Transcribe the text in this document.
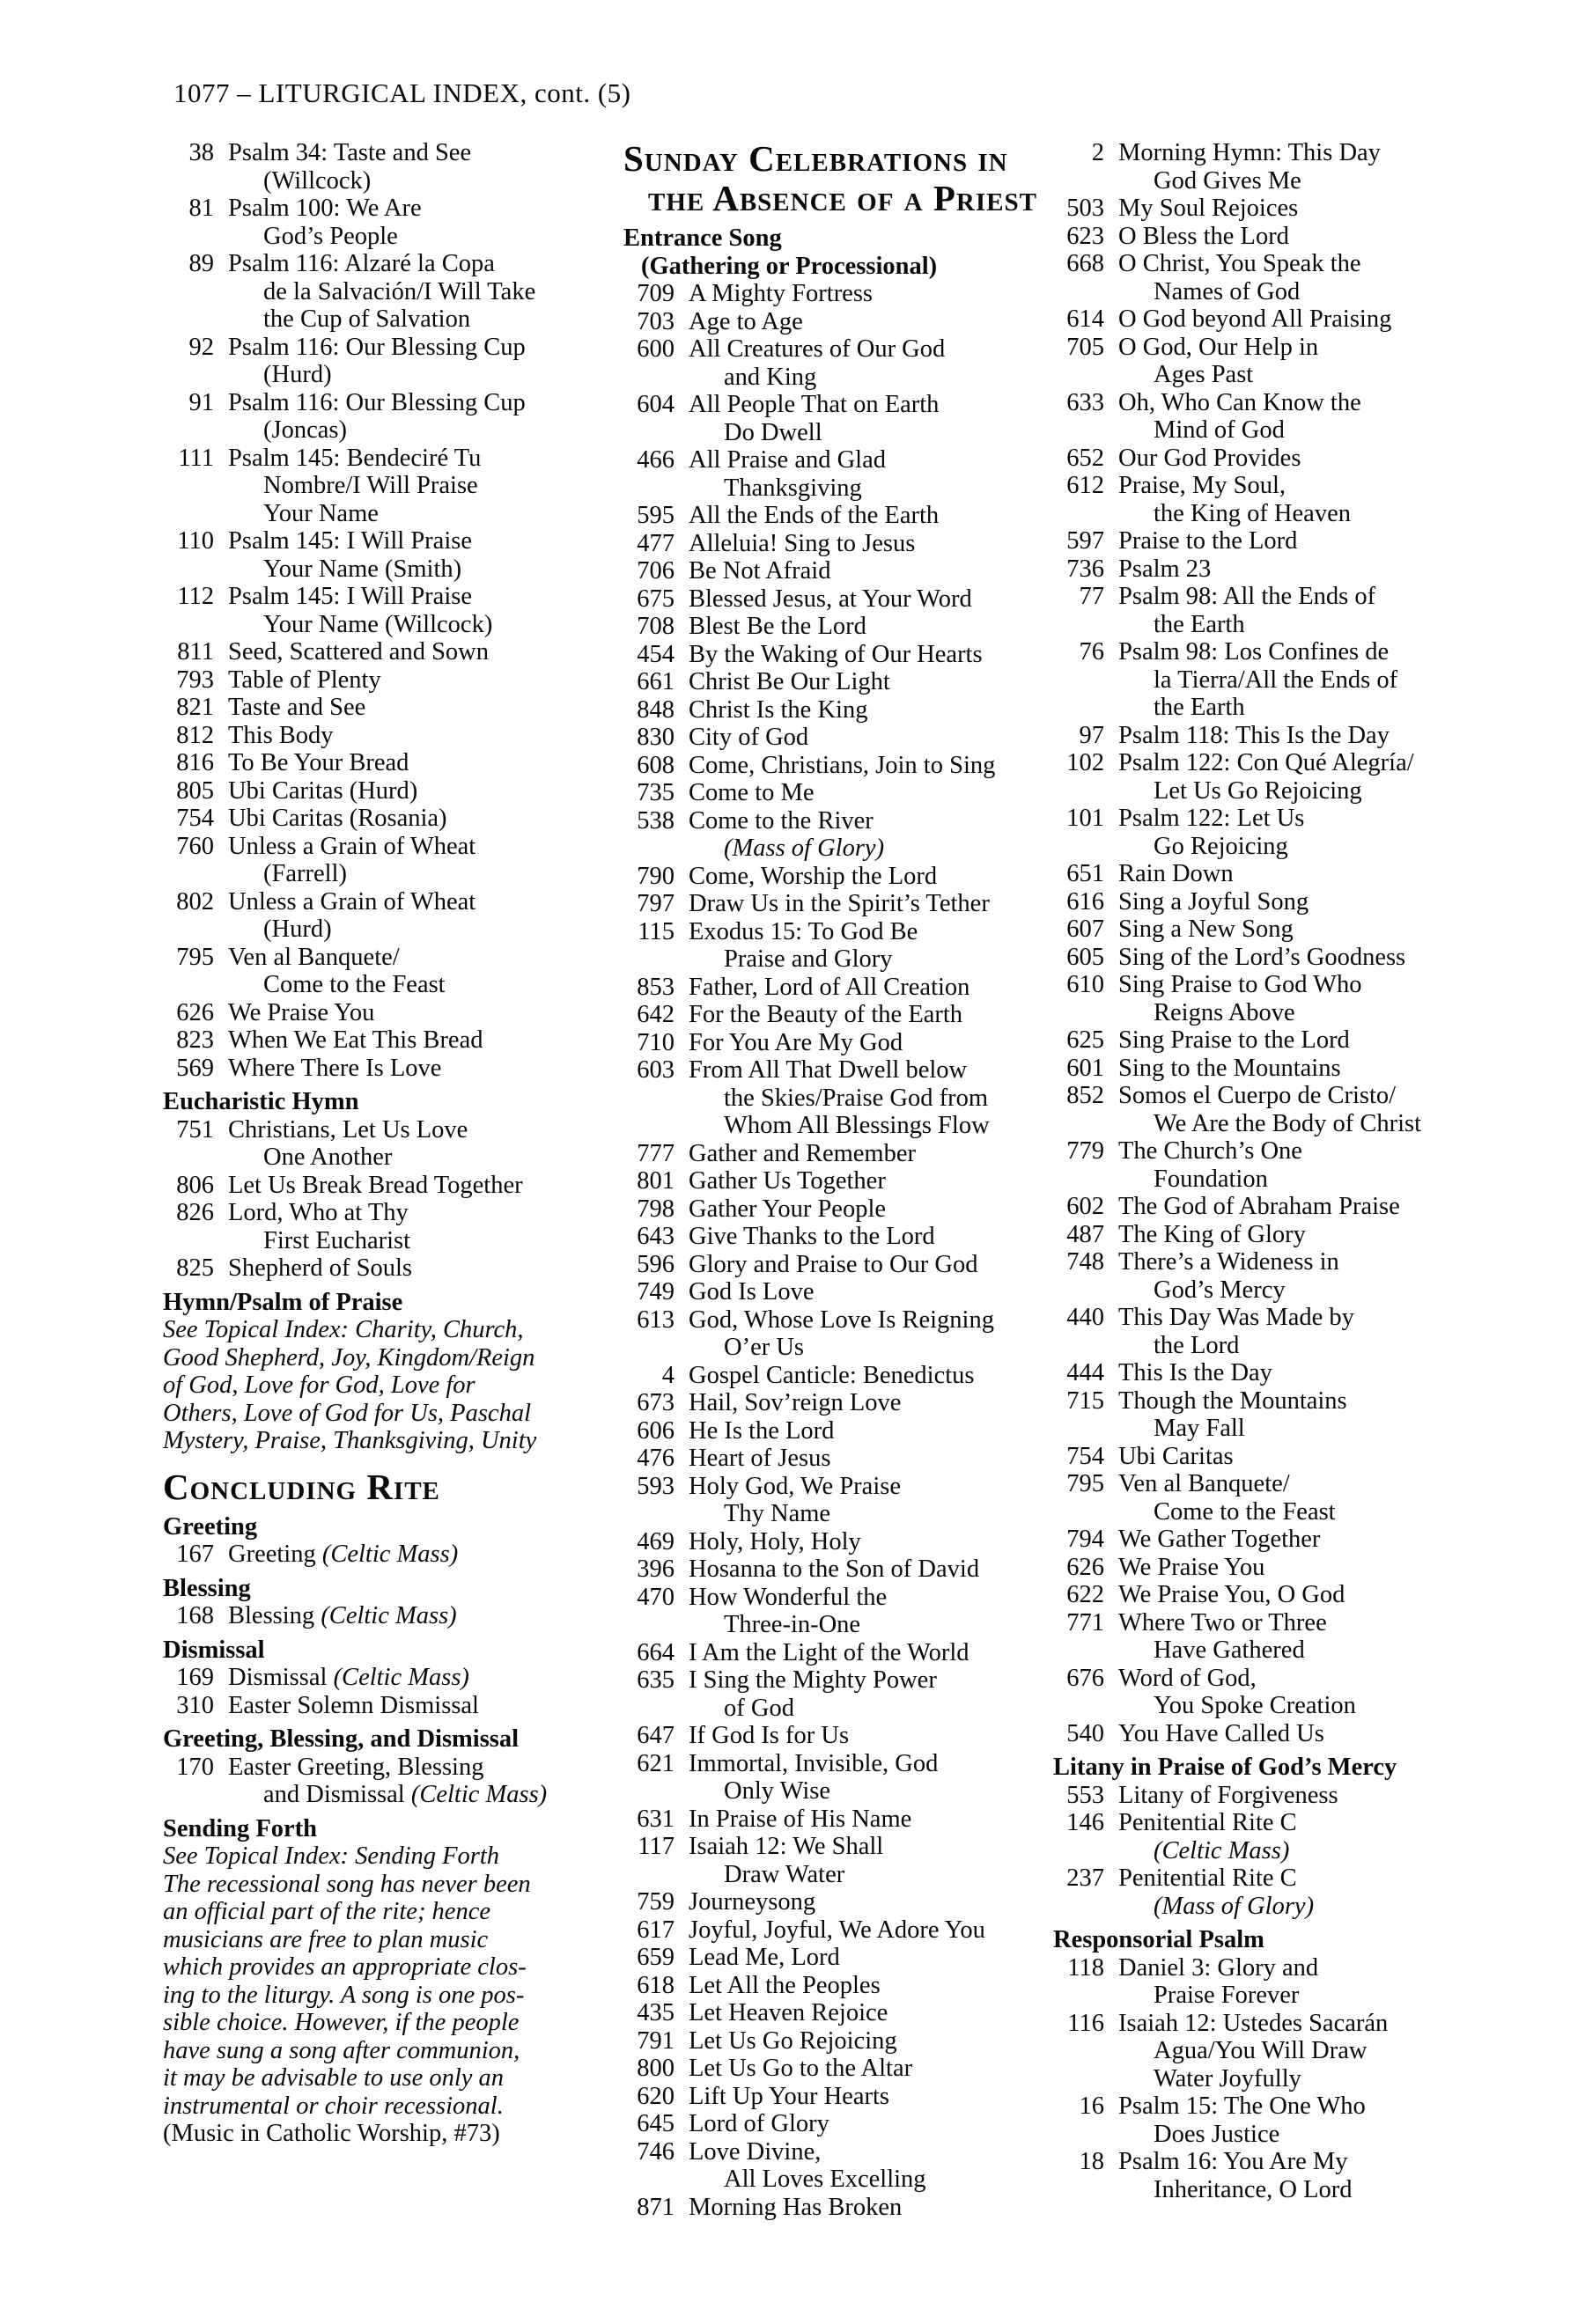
1077 – LITURGICAL INDEX, cont. (5)
38 Psalm 34: Taste and See
(Willcock)
81 Psalm 100: We Are
God’s People
89 Psalm 116: Alzaré la Copa
de la Salvación/I Will Take
the Cup of Salvation
92 Psalm 116: Our Blessing Cup
(Hurd)
91 Psalm 116: Our Blessing Cup
(Joncas)
111 Psalm 145: Bendeciré Tu
Nombre/I Will Praise
Your Name
110 Psalm 145: I Will Praise
Your Name (Smith)
112 Psalm 145: I Will Praise
Your Name (Willcock)
811 Seed, Scattered and Sown
793 Table of Plenty
821 Taste and See
812 This Body
816 To Be Your Bread
805 Ubi Caritas (Hurd)
754 Ubi Caritas (Rosania)
760 Unless a Grain of Wheat
(Farrell)
802 Unless a Grain of Wheat
(Hurd)
795 Ven al Banquete/
Come to the Feast
626 We Praise You
823 When We Eat This Bread
569 Where There Is Love
Eucharistic Hymn
751 Christians, Let Us Love
One Another
806 Let Us Break Bread Together
826 Lord, Who at Thy
First Eucharist
825 Shepherd of Souls
Hymn/Psalm of Praise
See Topical Index: Charity, Church,
Good Shepherd, Joy, Kingdom/Reign
of God, Love for God, Love for
Others, Love of God for Us, Paschal
Mystery, Praise, Thanksgiving, Unity
Concluding Rite
Greeting
167 Greeting (Celtic Mass)
Blessing
168 Blessing (Celtic Mass)
Dismissal
169 Dismissal (Celtic Mass)
310 Easter Solemn Dismissal
Greeting, Blessing, and Dismissal
170 Easter Greeting, Blessing
and Dismissal (Celtic Mass)
Sending Forth
See Topical Index: Sending Forth
The recessional song has never been
an official part of the rite; hence
musicians are free to plan music
which provides an appropriate clos-
ing to the liturgy. A song is one pos-
sible choice. However, if the people
have sung a song after communion,
it may be advisable to use only an
instrumental or choir recessional.
(Music in Catholic Worship, #73)
Sunday Celebrations in
the Absence of a Priest
Entrance Song
(Gathering or Processional)
709 A Mighty Fortress
703 Age to Age
600 All Creatures of Our God
and King
604 All People That on Earth
Do Dwell
466 All Praise and Glad
Thanksgiving
595 All the Ends of the Earth
477 Alleluia! Sing to Jesus
706 Be Not Afraid
675 Blessed Jesus, at Your Word
708 Blest Be the Lord
454 By the Waking of Our Hearts
661 Christ Be Our Light
848 Christ Is the King
830 City of God
608 Come, Christians, Join to Sing
735 Come to Me
538 Come to the River
(Mass of Glory)
790 Come, Worship the Lord
797 Draw Us in the Spirit’s Tether
115 Exodus 15: To God Be
Praise and Glory
853 Father, Lord of All Creation
642 For the Beauty of the Earth
710 For You Are My God
603 From All That Dwell below
the Skies/Praise God from
Whom All Blessings Flow
777 Gather and Remember
801 Gather Us Together
798 Gather Your People
643 Give Thanks to the Lord
596 Glory and Praise to Our God
749 God Is Love
613 God, Whose Love Is Reigning
O’er Us
4 Gospel Canticle: Benedictus
673 Hail, Sov’reign Love
606 He Is the Lord
476 Heart of Jesus
593 Holy God, We Praise
Thy Name
469 Holy, Holy, Holy
396 Hosanna to the Son of David
470 How Wonderful the
Three-in-One
664 I Am the Light of the World
635 I Sing the Mighty Power
of God
647 If God Is for Us
621 Immortal, Invisible, God
Only Wise
631 In Praise of His Name
117 Isaiah 12: We Shall
Draw Water
759 Journeysong
617 Joyful, Joyful, We Adore You
659 Lead Me, Lord
618 Let All the Peoples
435 Let Heaven Rejoice
791 Let Us Go Rejoicing
800 Let Us Go to the Altar
620 Lift Up Your Hearts
645 Lord of Glory
746 Love Divine,
All Loves Excelling
871 Morning Has Broken
2 Morning Hymn: This Day
God Gives Me
503 My Soul Rejoices
623 O Bless the Lord
668 O Christ, You Speak the
Names of God
614 O God beyond All Praising
705 O God, Our Help in
Ages Past
633 Oh, Who Can Know the
Mind of God
652 Our God Provides
612 Praise, My Soul,
the King of Heaven
597 Praise to the Lord
736 Psalm 23
77 Psalm 98: All the Ends of
the Earth
76 Psalm 98: Los Confines de
la Tierra/All the Ends of
the Earth
97 Psalm 118: This Is the Day
102 Psalm 122: Con Qué Alegría/
Let Us Go Rejoicing
101 Psalm 122: Let Us
Go Rejoicing
651 Rain Down
616 Sing a Joyful Song
607 Sing a New Song
605 Sing of the Lord’s Goodness
610 Sing Praise to God Who
Reigns Above
625 Sing Praise to the Lord
601 Sing to the Mountains
852 Somos el Cuerpo de Cristo/
We Are the Body of Christ
779 The Church’s One
Foundation
602 The God of Abraham Praise
487 The King of Glory
748 There’s a Wideness in
God’s Mercy
440 This Day Was Made by
the Lord
444 This Is the Day
715 Though the Mountains
May Fall
754 Ubi Caritas
795 Ven al Banquete/
Come to the Feast
794 We Gather Together
626 We Praise You
622 We Praise You, O God
771 Where Two or Three
Have Gathered
676 Word of God,
You Spoke Creation
540 You Have Called Us
Litany in Praise of God’s Mercy
553 Litany of Forgiveness
146 Penitential Rite C
(Celtic Mass)
237 Penitential Rite C
(Mass of Glory)
Responsorial Psalm
118 Daniel 3: Glory and
Praise Forever
116 Isaiah 12: Ustedes Sacarán
Agua/You Will Draw
Water Joyfully
16 Psalm 15: The One Who
Does Justice
18 Psalm 16: You Are My
Inheritance, O Lord
